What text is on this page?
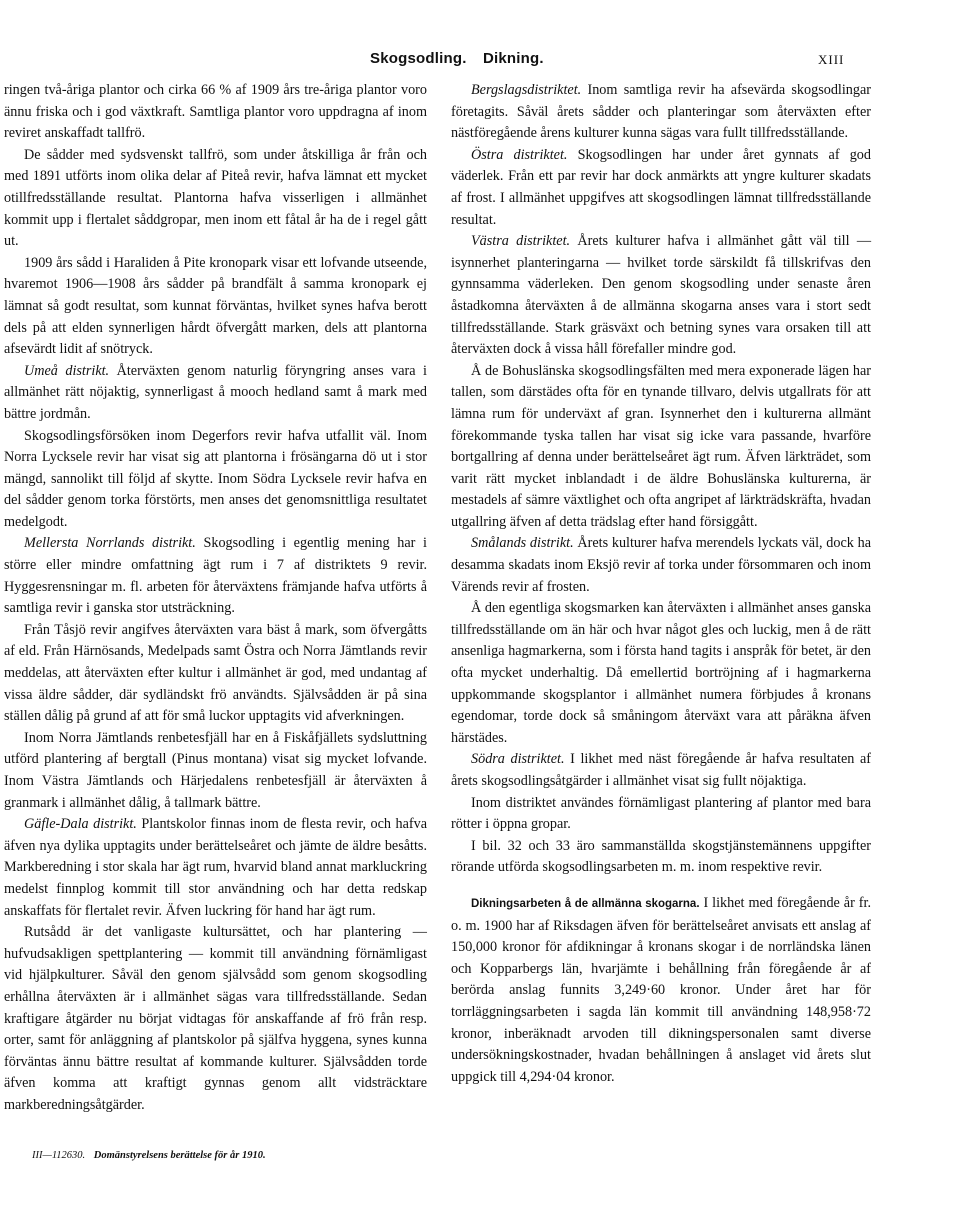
Skogsodling. Dikning.	XIII

ringen två-åriga plantor och cirka 66 % af 1909 års tre-åriga plantor voro ännu friska och i god växtkraft. Samtliga plantor voro uppdragna af inom reviret anskaffadt tallfrö.

De sådder med sydsvenskt tallfrö, som under åtskilliga år från och med 1891 utförts inom olika delar af Piteå revir, hafva lämnat ett mycket otillfredsställande resultat. Plantorna hafva visserligen i allmänhet kommit upp i flertalet såddgropar, men inom ett fåtal år ha de i regel gått ut.

1909 års sådd i Haraliden å Pite kronopark visar ett lofvande utseende, hvaremot 1906—1908 års sådder på brandfält å samma kronopark ej lämnat så godt resultat, som kunnat förväntas, hvilket synes hafva berott dels på att elden synnerligen hårdt öfvergått marken, dels att plantorna afsevärdt lidit af snötryck.

Umeå distrikt. Återväxten genom naturlig föryngring anses vara i allmänhet rätt nöjaktig, synnerligast å mooch hedland samt å mark med bättre jordmån.

Skogsodlingsförsöken inom Degerfors revir hafva utfallit väl. Inom Norra Lycksele revir har visat sig att plantorna i frösängarna dö ut i stor mängd, sannolikt till följd af skytte. Inom Södra Lycksele revir hafva en del sådder genom torka förstörts, men anses det genomsnittliga resultatet medelgodt.

Mellersta Norrlands distrikt. Skogsodling i egentlig mening har i större eller mindre omfattning ägt rum i 7 af distriktets 9 revir. Hyggesrensningar m. fl. arbeten för återväxtens främjande hafva utförts å samtliga revir i ganska stor utsträckning.

Från Tåsjö revir angifves återväxten vara bäst å mark, som öfvergåtts af eld. Från Härnösands, Medelpads samt Östra och Norra Jämtlands revir meddelas, att återväxten efter kultur i allmänhet är god, med undantag af vissa äldre sådder, där sydländskt frö användts. Självsådden är på sina ställen dålig på grund af att för små luckor upptagits vid afverkningen.

Inom Norra Jämtlands renbetesfjäll har en å Fiskåfjällets sydsluttning utförd plantering af bergtall (Pinus montana) visat sig mycket lofvande. Inom Västra Jämtlands och Härjedalens renbetesfjäll är återväxten å granmark i allmänhet dålig, å tallmark bättre.

Gäfle-Dala distrikt. Plantskolor finnas inom de flesta revir, och hafva äfven nya dylika upptagits under berättelseåret och jämte de äldre besåtts. Markberedning i stor skala har ägt rum, hvarvid bland annat markluckring medelst finnplog kommit till stor användning och har detta redskap anskaffats för flertalet revir. Äfven luckring för hand har ägt rum.

Rutsådd är det vanligaste kultursättet, och har plantering — hufvudsakligen spettplantering — kommit till användning förnämligast vid hjälpkulturer. Såväl den genom självsådd som genom skogsodling erhållna återväxten är i allmänhet sägas vara tillfredsställande. Sedan kraftigare åtgärder nu börjat vidtagas för anskaffande af frö från resp. orter, samt för anläggning af plantskolor på själfva hyggena, synes kunna förväntas ännu bättre resultat af kommande kulturer. Självsådden torde äfven komma att kraftigt gynnas genom allt vidsträcktare markberedningsåtgärder.

Bergslagsdistriktet. Inom samtliga revir ha afsevärda skogsodlingar företagits. Såväl årets sådder och planteringar som återväxten efter nästföregående årens kulturer kunna sägas vara fullt tillfredsställande.

Östra distriktet. Skogsodlingen har under året gynnats af god väderlek. Från ett par revir har dock anmärkts att yngre kulturer skadats af frost. I allmänhet uppgifves att skogsodlingen lämnat tillfredsställande resultat.

Västra distriktet. Årets kulturer hafva i allmänhet gått väl till — isynnerhet planteringarna — hvilket torde särskildt få tillskrifvas den gynnsamma väderleken. Den genom skogsodling under senaste åren åstadkomna återväxten å de allmänna skogarna anses vara i stort sedt tillfredsställande. Stark gräsväxt och betning synes vara orsaken till att återväxten dock å vissa håll förefaller mindre god.

Å de Bohuslänska skogsodlingsfälten med mera exponerade lägen har tallen, som därstädes ofta för en tynande tillvaro, delvis utgallrats för att lämna rum för underväxt af gran. Isynnerhet den i kulturerna allmänt förekommande tyska tallen har visat sig icke vara passande, hvarföre bortgallring af denna under berättelseåret ägt rum. Äfven lärkträdet, som varit rätt mycket inblandadt i de äldre Bohuslänska kulturerna, är mestadels af sämre växtlighet och ofta angripet af lärkträdskräfta, hvadan utgallring äfven af detta trädslag efter hand försiggått.

Smålands distrikt. Årets kulturer hafva merendels lyckats väl, dock ha desamma skadats inom Eksjö revir af torka under försommaren och inom Värends revir af frosten.

Å den egentliga skogsmarken kan återväxten i allmänhet anses ganska tillfredsställande om än här och hvar något gles och luckig, men å de rätt ansenliga hagmarkerna, som i första hand tagits i anspråk för betet, är den ofta mycket underhaltig. Då emellertid bortröjning af i hagmarkerna uppkommande skogsplantor i allmänhet numera förbjudes å kronans egendomar, torde dock så småningom återväxt vara att påräkna äfven härstädes.

Södra distriktet. I likhet med näst föregående år hafva resultaten af årets skogsodlingsåtgärder i allmänhet visat sig fullt nöjaktiga.

Inom distriktet användes förnämligast plantering af plantor med bara rötter i öppna gropar.

I bil. 32 och 33 äro sammanställda skogstjänstemännens uppgifter rörande utförda skogsodlingsarbeten m. m. inom respektive revir.

Dikningsarbeten å de allmänna skogarna. I likhet med föregående år fr. o. m. 1900 har af Riksdagen äfven för berättelseåret anvisats ett anslag af 150,000 kronor för afdikningar å kronans skogar i de norrländska länen och Kopparbergs län, hvarjämte i behållning från föregående år af berörda anslag funnits 3,249·60 kronor. Under året har för torrläggningsarbeten i sagda län kommit till användning 148,958·72 kronor, inberäknadt arvoden till dikningspersonalen samt diverse undersökningskostnader, hvadan behållningen å anslaget vid årets slut uppgick till 4,294·04 kronor.

III—112630. Domänstyrelsens berättelse för år 1910.
